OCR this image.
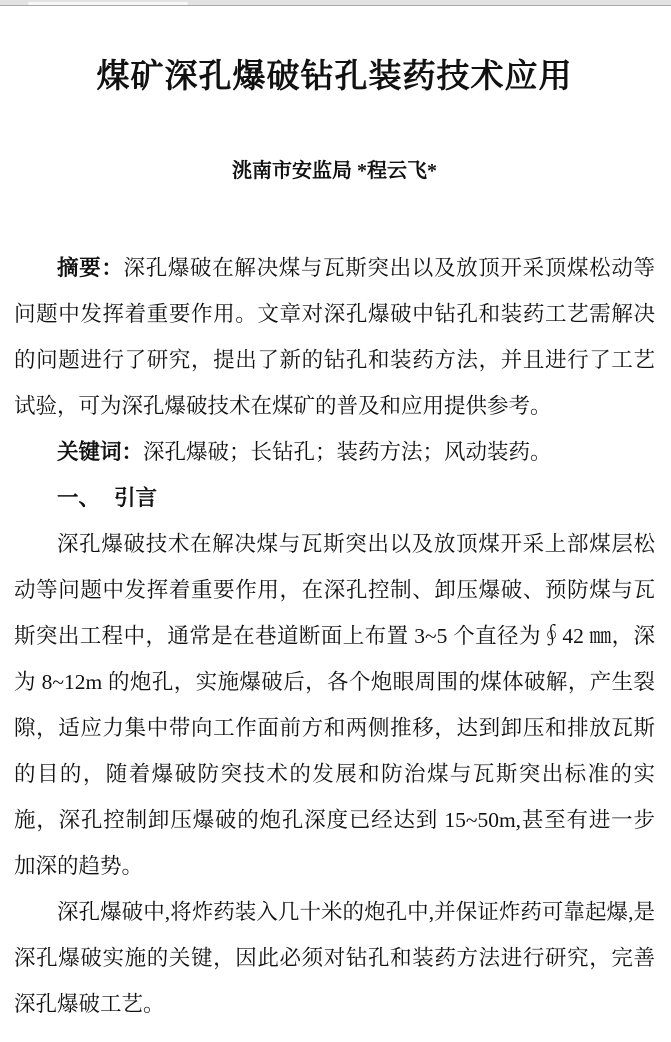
煤矿深孔爆破钻孔装药技术应用
洮南市安监局 *程云飞*

摘要：深孔爆破在解决煤与瓦斯突出以及放顶开采顶煤松动等问题中发挥着重要作用。文章对深孔爆破中钻孔和装药工艺需解决的问题进行了研究，提出了新的钻孔和装药方法，并且进行了工艺试验，可为深孔爆破技术在煤矿的普及和应用提供参考。

关键词：深孔爆破；长钻孔；装药方法；风动装药。

一、 引言

深孔爆破技术在解决煤与瓦斯突出以及放顶煤开采上部煤层松动等问题中发挥着重要作用，在深孔控制、卸压爆破、预防煤与瓦斯突出工程中，通常是在巷道断面上布置 3~5 个直径为∮42 ㎜，深为 8~12m 的炮孔，实施爆破后，各个炮眼周围的煤体破解，产生裂隙，适应力集中带向工作面前方和两侧推移，达到卸压和排放瓦斯的目的，随着爆破防突技术的发展和防治煤与瓦斯突出标准的实施，深孔控制卸压爆破的炮孔深度已经达到 15~50m,甚至有进一步加深的趋势。

深孔爆破中,将炸药装入几十米的炮孔中,并保证炸药可靠起爆,是深孔爆破实施的关键，因此必须对钻孔和装药方法进行研究，完善深孔爆破工艺。
